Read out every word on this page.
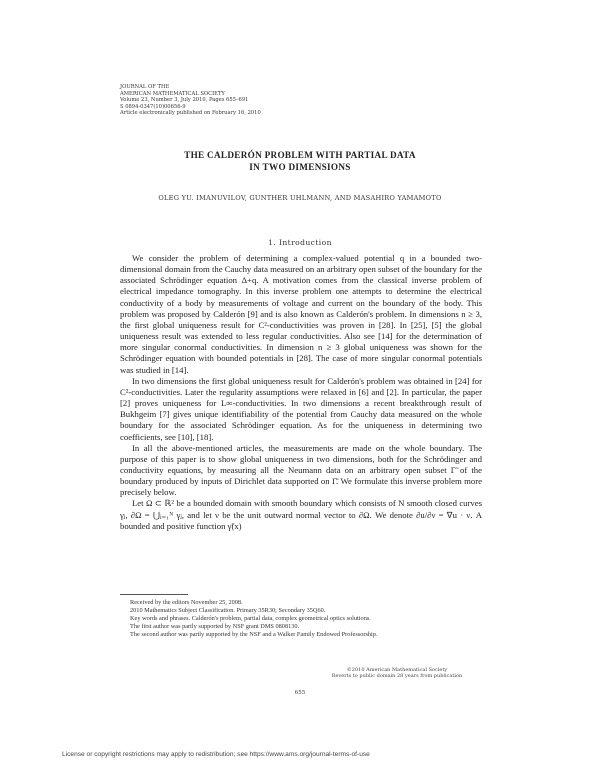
JOURNAL OF THE
AMERICAN MATHEMATICAL SOCIETY
Volume 23, Number 3, July 2010, Pages 655–691
S 0894-0347(10)00656-9
Article electronically published on February 16, 2010
THE CALDERÓN PROBLEM WITH PARTIAL DATA
IN TWO DIMENSIONS
OLEG YU. IMANUVILOV, GUNTHER UHLMANN, AND MASAHIRO YAMAMOTO
1. Introduction

We consider the problem of determining a complex-valued potential q in a bounded two-dimensional domain from the Cauchy data measured on an arbitrary open subset of the boundary for the associated Schrödinger equation Δ+q. A motivation comes from the classical inverse problem of electrical impedance tomography. In this inverse problem one attempts to determine the electrical conductivity of a body by measurements of voltage and current on the boundary of the body. This problem was proposed by Calderón [9] and is also known as Calderón's problem. In dimensions n ≥ 3, the first global uniqueness result for C²-conductivities was proven in [28]. In [25], [5] the global uniqueness result was extended to less regular conductivities. Also see [14] for the determination of more singular conormal conductivities. In dimension n ≥ 3 global uniqueness was shown for the Schrödinger equation with bounded potentials in [28]. The case of more singular conormal potentials was studied in [14].

In two dimensions the first global uniqueness result for Calderón's problem was obtained in [24] for C²-conductivities. Later the regularity assumptions were relaxed in [6] and [2]. In particular, the paper [2] proves uniqueness for L∞-conductivities. In two dimensions a recent breakthrough result of Bukhgeim [7] gives unique identifiability of the potential from Cauchy data measured on the whole boundary for the associated Schrödinger equation. As for the uniqueness in determining two coefficients, see [10], [18].

In all the above-mentioned articles, the measurements are made on the whole boundary. The purpose of this paper is to show global uniqueness in two dimensions, both for the Schrödinger and conductivity equations, by measuring all the Neumann data on an arbitrary open subset Γ̃ of the boundary produced by inputs of Dirichlet data supported on Γ̃. We formulate this inverse problem more precisely below.

Let Ω ⊂ ℝ² be a bounded domain with smooth boundary which consists of N smooth closed curves γⱼ, ∂Ω = ⋃ⱼ₌₁ᴺ γⱼ, and let ν be the unit outward normal vector to ∂Ω. We denote ∂u/∂ν = ∇u · ν. A bounded and positive function γ̃(x)

Received by the editors November 25, 2008.

2010 Mathematics Subject Classification. Primary 35R30; Secondary 35Q60.

Key words and phrases. Calderón's problem, partial data, complex geometrical optics solutions.

The first author was partly supported by NSF grant DMS 0808130.

The second author was partly supported by the NSF and a Walker Family Endowed Professorship.

©2010 American Mathematical Society
Reverts to public domain 28 years from publication
655
License or copyright restrictions may apply to redistribution; see https://www.ams.org/journal-terms-of-use
